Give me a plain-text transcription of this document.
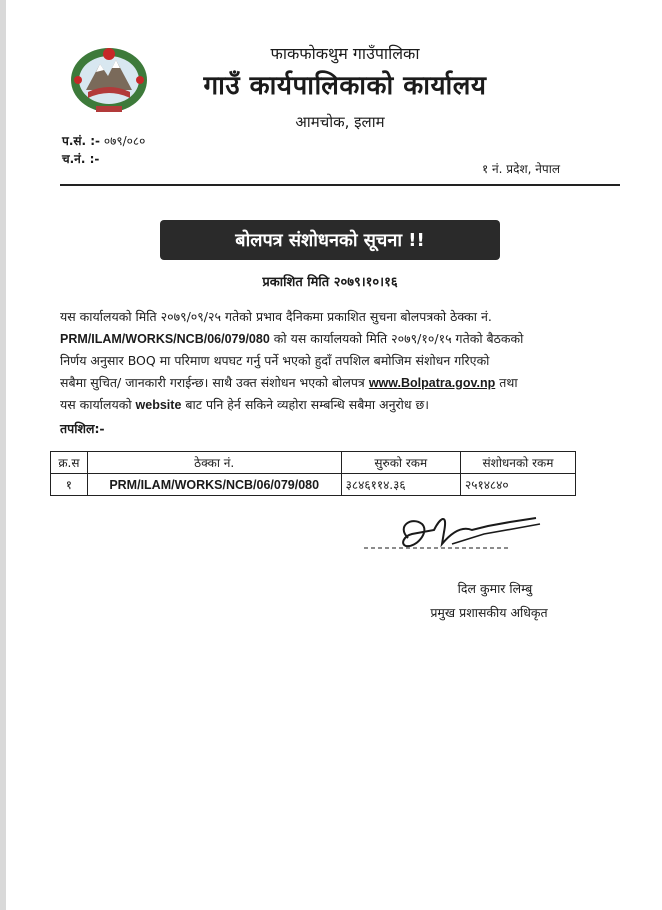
फाकफोकथुम गाउँपालिका
गाउँ कार्यपालिकाको कार्यालय
आमचोक, इलाम
प.सं. :- ०७९/०८०
च.नं. :-
१ नं. प्रदेश, नेपाल
बोलपत्र संशोधनको सूचना !!
प्रकाशित मिति २०७९।१०।१६
यस कार्यालयको मिति २०७९/०९/२५ गतेको प्रभाव दैनिकमा प्रकाशित सुचना बोलपत्रको ठेक्का नं.
PRM/ILAM/WORKS/NCB/06/079/080 को यस कार्यालयको मिति २०७९/१०/१५ गतेको बैठकको
निर्णय अनुसार BOQ मा परिमाण थपघट गर्नु पर्ने भएको हुदाँ तपशिल बमोजिम संशोधन गरिएको
सबैमा सुचित/ जानकारी गराईन्छ। साथै उक्त संशोधन भएको बोलपत्र www.Bolpatra.gov.np तथा
यस कार्यालयको website बाट पनि हेर्न सकिने व्यहोरा सम्बन्धि सबैमा अनुरोध छ।
तपशिल:-
क्र.स	ठेक्का नं.	सुरुको रकम	संशोधनको रकम
१	PRM/ILAM/WORKS/NCB/06/079/080	३८४६११४.३६	२५१४८४०
दिल कुमार लिम्बु
प्रमुख प्रशासकीय अधिकृत
